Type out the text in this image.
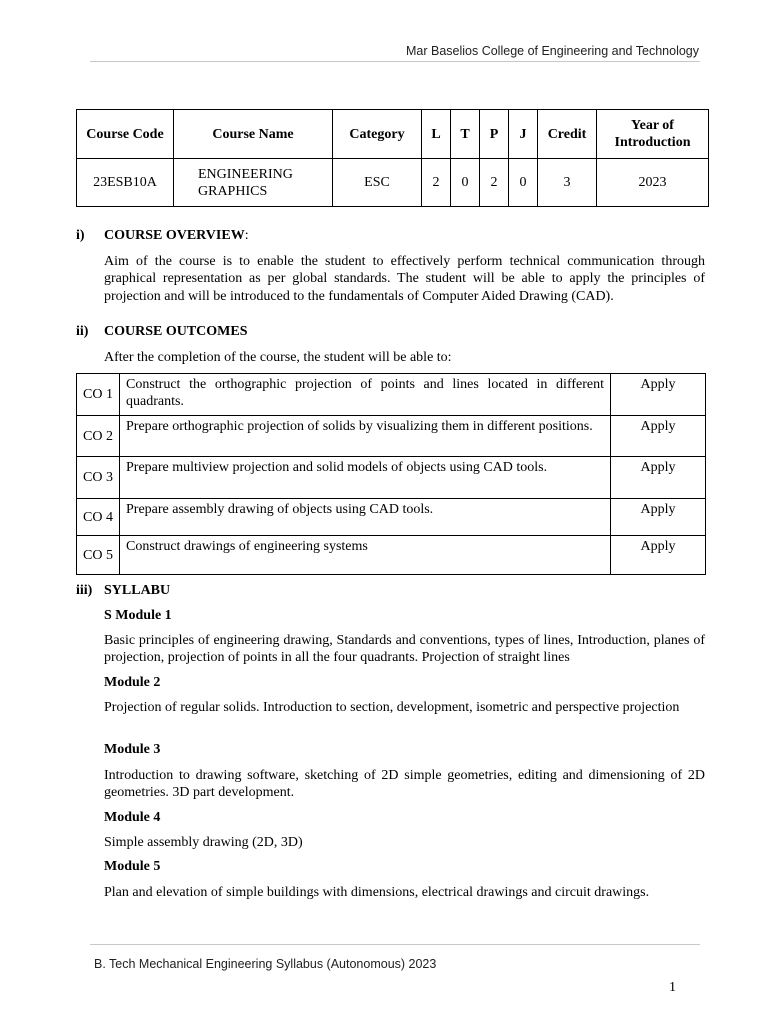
Mar Baselios College of Engineering and Technology
Course Code	Course Name	Category	L	T	P	J	Credit	Year of Introduction
23ESB10A	ENGINEERING GRAPHICS	ESC	2	0	2	0	3	2023
i) COURSE OVERVIEW:
Aim of the course is to enable the student to effectively perform technical communication through graphical representation as per global standards. The student will be able to apply the principles of projection and will be introduced to the fundamentals of Computer Aided Drawing (CAD).
ii) COURSE OUTCOMES
After the completion of the course, the student will be able to:
CO 1	Construct the orthographic projection of points and lines located in different quadrants.	Apply
CO 2	Prepare orthographic projection of solids by visualizing them in different positions.	Apply
CO 3	Prepare multiview projection and solid models of objects using CAD tools.	Apply
CO 4	Prepare assembly drawing of objects using CAD tools.	Apply
CO 5	Construct drawings of engineering systems	Apply
iii) SYLLABU
S Module 1
Basic principles of engineering drawing, Standards and conventions, types of lines, Introduction, planes of projection, projection of points in all the four quadrants. Projection of straight lines
Module 2
Projection of regular solids. Introduction to section, development, isometric and perspective projection
Module 3
Introduction to drawing software, sketching of 2D simple geometries, editing and dimensioning of 2D geometries. 3D part development.
Module 4
Simple assembly drawing (2D, 3D)
Module 5
Plan and elevation of simple buildings with dimensions, electrical drawings and circuit drawings.
B. Tech Mechanical Engineering Syllabus (Autonomous) 2023
1
